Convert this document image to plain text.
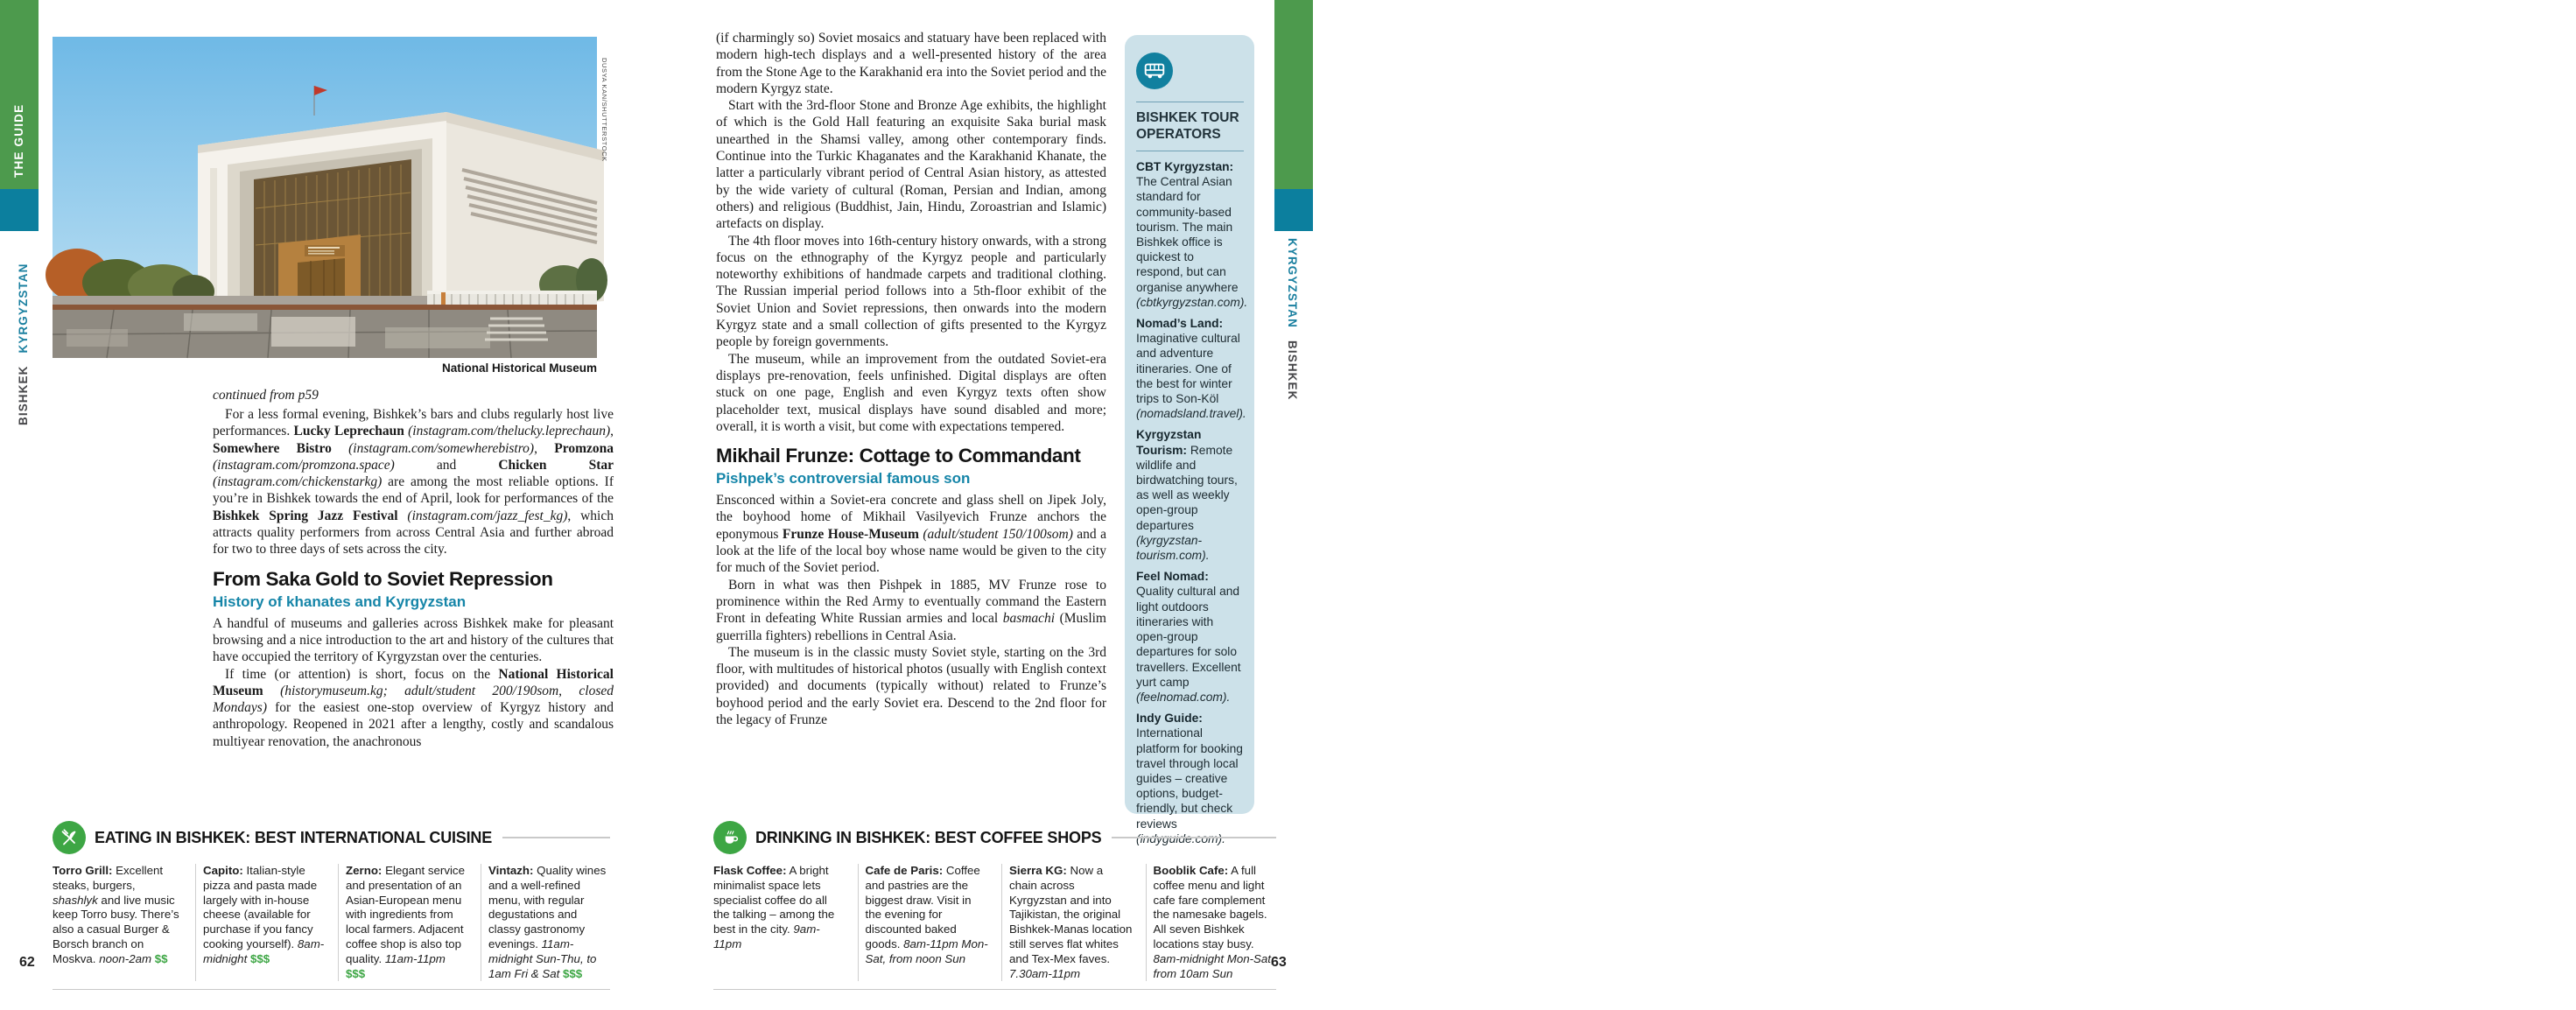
THE GUIDE
BISHKEK
KYRGYZSTAN
62
THE GUIDE
KYRGYZSTAN
BISHKEK
63
DUSYA KAN/SHUTTERSTOCK
National Historical Museum

continued from p59

For a less formal evening, Bishkek’s bars and clubs regularly host live performances. Lucky Leprechaun (instagram.com/thelucky.leprechaun), Somewhere Bistro (instagram.com/somewherebistro), Promzona (instagram.com/promzona.space) and Chicken Star (instagram.com/chickenstarkg) are among the most reliable options. If you’re in Bishkek towards the end of April, look for performances of the Bishkek Spring Jazz Festival (instagram.com/jazz_fest_kg), which attracts quality performers from across Central Asia and further abroad for two to three days of sets across the city.

From Saka Gold to Soviet Repression
History of khanates and Kyrgyzstan

A handful of museums and galleries across Bishkek make for pleasant browsing and a nice introduction to the art and history of the cultures that have occupied the territory of Kyrgyzstan over the centuries.

If time (or attention) is short, focus on the National Historical Museum (historymuseum.kg; adult/student 200/190som, closed Mondays) for the easiest one-stop overview of Kyrgyz history and anthropology. Reopened in 2021 after a lengthy, costly and scandalous multiyear renovation, the anachronous

(if charmingly so) Soviet mosaics and statuary have been replaced with modern high-tech displays and a well-presented history of the area from the Stone Age to the Karakhanid era into the Soviet period and the modern Kyrgyz state.

Start with the 3rd-floor Stone and Bronze Age exhibits, the highlight of which is the Gold Hall featuring an exquisite Saka burial mask unearthed in the Shamsi valley, among other contemporary finds. Continue into the Turkic Khaganates and the Karakhanid Khanate, the latter a particularly vibrant period of Central Asian history, as attested by the wide variety of cultural (Roman, Persian and Indian, among others) and religious (Buddhist, Jain, Hindu, Zoroastrian and Islamic) artefacts on display.

The 4th floor moves into 16th-century history onwards, with a strong focus on the ethnography of the Kyrgyz people and particularly noteworthy exhibitions of handmade carpets and traditional clothing. The Russian imperial period follows into a 5th-floor exhibit of the Soviet Union and Soviet repressions, then onwards into the modern Kyrgyz state and a small collection of gifts presented to the Kyrgyz people by foreign governments.

The museum, while an improvement from the outdated Soviet-era displays pre-renovation, feels unfinished. Digital displays are often stuck on one page, English and even Kyrgyz texts often show placeholder text, musical displays have sound disabled and more; overall, it is worth a visit, but come with expectations tempered.

Mikhail Frunze: Cottage to Commandant
Pishpek’s controversial famous son

Ensconced within a Soviet-era concrete and glass shell on Jipek Joly, the boyhood home of Mikhail Vasilyevich Frunze anchors the eponymous Frunze House-Museum (adult/student 150/100som) and a look at the life of the local boy whose name would be given to the city for much of the Soviet period.

Born in what was then Pishpek in 1885, MV Frunze rose to prominence within the Red Army to eventually command the Eastern Front in defeating White Russian armies and local basmachi (Muslim guerrilla fighters) rebellions in Central Asia.

The museum is in the classic musty Soviet style, starting on the 3rd floor, with multitudes of historical photos (usually with English context provided) and documents (typically without) related to Frunze’s boyhood period and the early Soviet era. Descend to the 2nd floor for the legacy of Frunze

BISHKEK TOUR OPERATORS

CBT Kyrgyzstan: The Central Asian standard for community-based tourism. The main Bishkek office is quickest to respond, but can organise anywhere (cbtkyrgyzstan.com).

Nomad’s Land: Imaginative cultural and adventure itineraries. One of the best for winter trips to Son-Köl (nomadsland.travel).

Kyrgyzstan Tourism: Remote wildlife and birdwatching tours, as well as weekly open-group departures (kyrgyzstan-tourism.com).

Feel Nomad: Quality cultural and light outdoors itineraries with open-group departures for solo travellers. Excellent yurt camp (feelnomad.com).

Indy Guide: International platform for booking travel through local guides – creative options, budget-friendly, but check reviews (indyguide.com).

EATING IN BISHKEK: BEST INTERNATIONAL CUISINE
Torro Grill: Excellent steaks, burgers, shashlyk and live music keep Torro busy. There’s also a casual Burger & Borsch branch on Moskva. noon-2am $$
Capito: Italian-style pizza and pasta made largely with in-house cheese (available for purchase if you fancy cooking yourself). 8am-midnight $$$
Zerno: Elegant service and presentation of an Asian-European menu with ingredients from local farmers. Adjacent coffee shop is also top quality. 11am-11pm $$$
Vintazh: Quality wines and a well-refined menu, with regular degustations and classy gastronomy evenings. 11am-midnight Sun-Thu, to 1am Fri & Sat $$$
DRINKING IN BISHKEK: BEST COFFEE SHOPS
Flask Coffee: A bright minimalist space lets specialist coffee do all the talking – among the best in the city. 9am-11pm
Cafe de Paris: Coffee and pastries are the biggest draw. Visit in the evening for discounted baked goods. 8am-11pm Mon-Sat, from noon Sun
Sierra KG: Now a chain across Kyrgyzstan and into Tajikistan, the original Bishkek-Manas location still serves flat whites and Tex-Mex faves. 7.30am-11pm
Booblik Cafe: A full coffee menu and light cafe fare complement the namesake bagels. All seven Bishkek locations stay busy. 8am-midnight Mon-Sat, from 10am Sun
